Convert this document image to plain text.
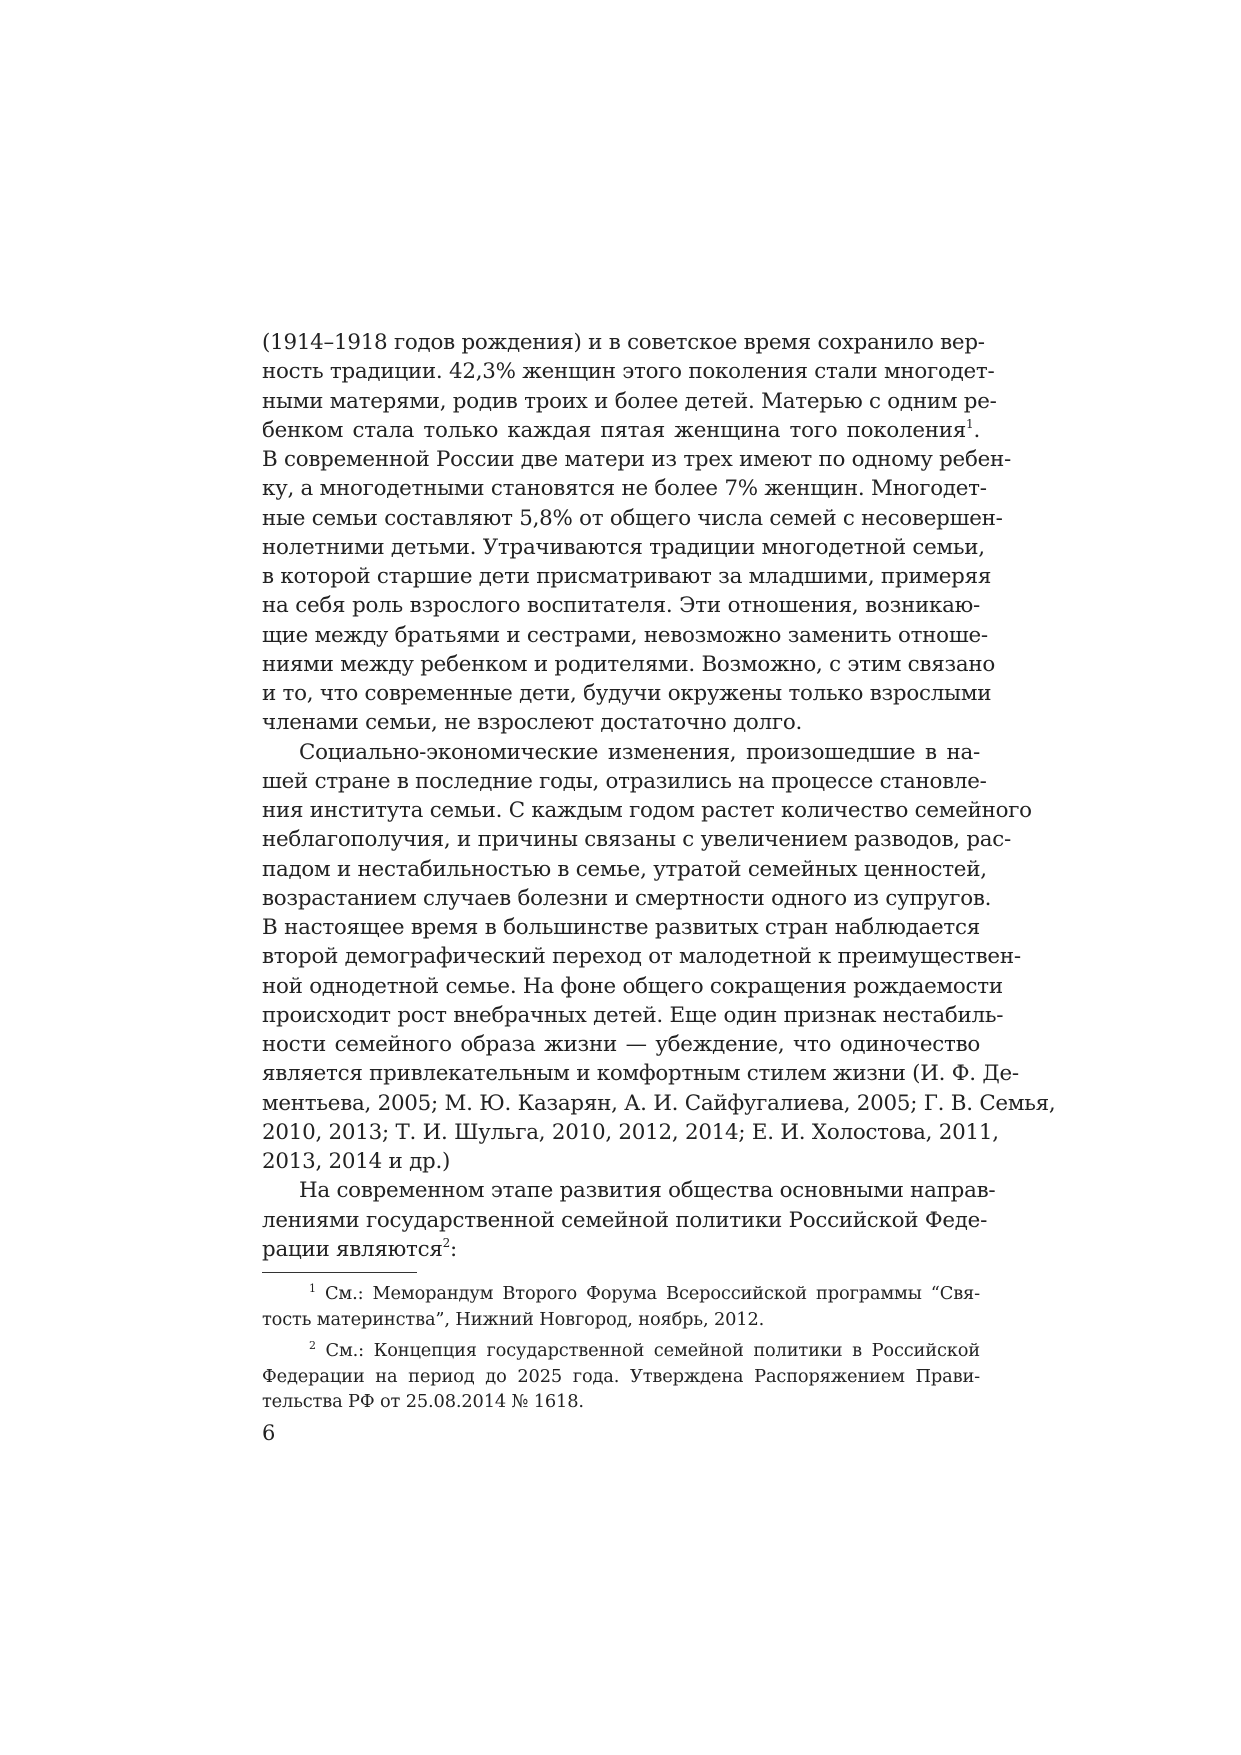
(1914–1918 годов рождения) и в советское время сохранило вер-
ность традиции. 42,3% женщин этого поколения стали многодет-
ными матерями, родив троих и более детей. Матерью с одним ре-
бенком стала только каждая пятая женщина того поколения$^1$.
В современной России две матери из трех имеют по одному ребен-
ку, а многодетными становятся не более 7% женщин. Многодет-
ные семьи составляют 5,8% от общего числа семей с несовершен-
нолетними детьми. Утрачиваются традиции многодетной семьи,
в которой старшие дети присматривают за младшими, примеряя
на себя роль взрослого воспитателя. Эти отношения, возникаю-
щие между братьями и сестрами, невозможно заменить отноше-
ниями между ребенком и родителями. Возможно, с этим связано
и то, что современные дети, будучи окружены только взрослыми
членами семьи, не взрослеют достаточно долго.
Социально-экономические изменения, произошедшие в на-
шей стране в последние годы, отразились на процессе становле-
ния института семьи. С каждым годом растет количество семейного
неблагополучия, и причины связаны с увеличением разводов, рас-
падом и нестабильностью в семье, утратой семейных ценностей,
возрастанием случаев болезни и смертности одного из супругов.
В настоящее время в большинстве развитых стран наблюдается
второй демографический переход от малодетной к преимуществен-
ной однодетной семье. На фоне общего сокращения рождаемости
происходит рост внебрачных детей. Еще один признак нестабиль-
ности семейного образа жизни — убеждение, что одиночество
является привлекательным и комфортным стилем жизни (И. Ф. Де-
ментьева, 2005; М. Ю. Казарян, А. И. Сайфугалиева, 2005; Г. В. Семья,
2010, 2013; Т. И. Шульга, 2010, 2012, 2014; Е. И. Холостова, 2011,
2013, 2014 и др.)
На современном этапе развития общества основными направ-
лениями государственной семейной политики Российской Феде-
рации являются$^2$:
$^1$ См.: Меморандум Второго Форума Всероссийской программы “Свя-
тость материнства”, Нижний Новгород, ноябрь, 2012.
$^2$ См.: Концепция государственной семейной политики в Российской
Федерации на период до 2025 года. Утверждена Распоряжением Прави-
тельства РФ от 25.08.2014 № 1618.
6
